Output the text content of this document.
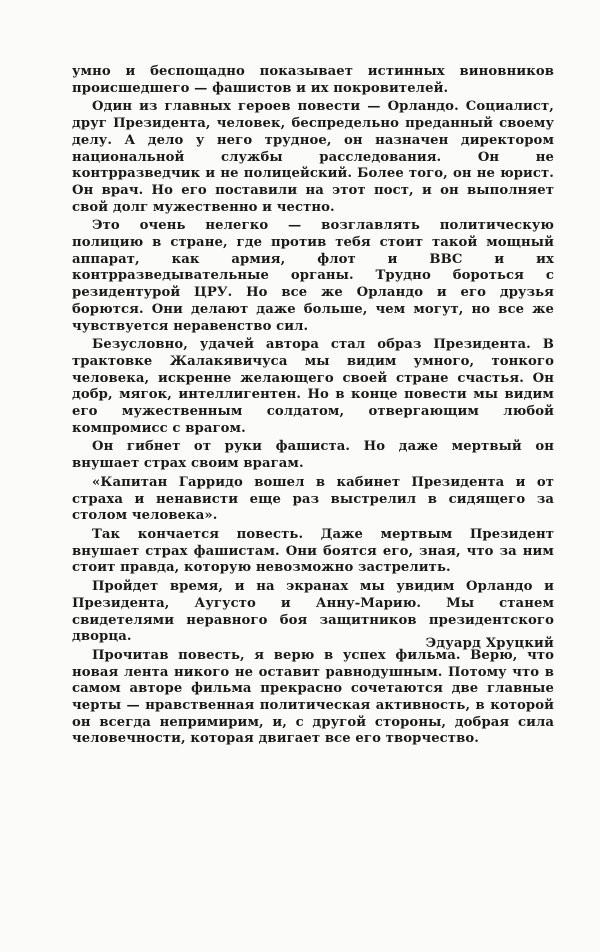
умно и беспощадно показывает истинных виновников происшедшего — фашистов и их покровителей.

Один из главных героев повести — Орландо. Социалист, друг Президента, человек, беспредельно преданный своему делу. А дело у него трудное, он назначен директором национальной службы расследования. Он не контрразведчик и не полицейский. Более того, он не юрист. Он врач. Но его поставили на этот пост, и он выполняет свой долг мужественно и честно.

Это очень нелегко — возглавлять политическую полицию в стране, где против тебя стоит такой мощный аппарат, как армия, флот и ВВС и их контрразведывательные органы. Трудно бороться с резидентурой ЦРУ. Но все же Орландо и его друзья борются. Они делают даже больше, чем могут, но все же чувствуется неравенство сил.

Безусловно, удачей автора стал образ Президента. В трактовке Жалакявичуса мы видим умного, тонкого человека, искренне желающего своей стране счастья. Он добр, мягок, интеллигентен. Но в конце повести мы видим его мужественным солдатом, отвергающим любой компромисс с врагом.

Он гибнет от руки фашиста. Но даже мертвый он внушает страх своим врагам.

«Капитан Гарридо вошел в кабинет Президента и от страха и ненависти еще раз выстрелил в сидящего за столом человека».

Так кончается повесть. Даже мертвым Президент внушает страх фашистам. Они боятся его, зная, что за ним стоит правда, которую невозможно застрелить.

Пройдет время, и на экранах мы увидим Орландо и Президента, Аугусто и Анну-Марию. Мы станем свидетелями неравного боя защитников президентского дворца.

Прочитав повесть, я верю в успех фильма. Верю, что новая лента никого не оставит равнодушным. Потому что в самом авторе фильма прекрасно сочетаются две главные черты — нравственная политическая активность, в которой он всегда непримирим, и, с другой стороны, добрая сила человечности, которая двигает все его творчество.

Эдуард Хруцкий
